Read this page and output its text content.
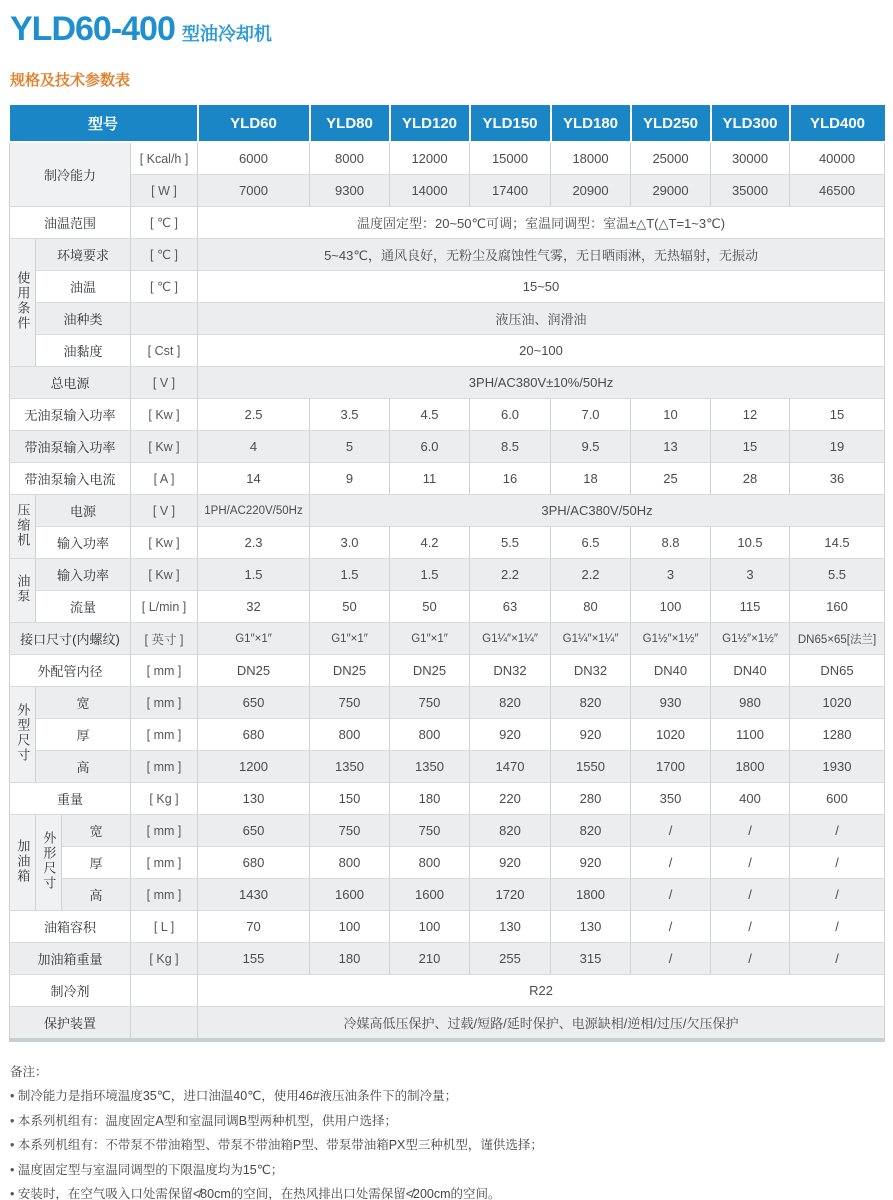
YLD60-400 型油冷却机
规格及技术参数表
型号				YLD60	YLD80	YLD120	YLD150	YLD180	YLD250	YLD300	YLD400
制冷能力			[ Kcal/h ]	6000	8000	12000	15000	18000	25000	30000	40000
			[ W ]	7000	9300	14000	17400	20900	29000	35000	46500
油温范围			[ ℃ ]	温度固定型：20~50℃可调；室温同调型：室温±△T(△T=1~3℃)							
使用条件	环境要求		[ ℃ ]	5~43℃，通风良好，无粉尘及腐蚀性气雾，无日晒雨淋，无热辐射，无振动							
	油温		[ ℃ ]	15~50							
	油种类			液压油、润滑油							
	油黏度		[ Cst ]	20~100							
总电源			[ V ]	3PH/AC380V±10%/50Hz							
无油泵输入功率			[ Kw ]	2.5	3.5	4.5	6.0	7.0	10	12	15
带油泵输入功率			[ Kw ]	4	5	6.0	8.5	9.5	13	15	19
带油泵输入电流			[ A ]	14	9	11	16	18	25	28	36
压缩机	电源		[ V ]	1PH/AC220V/50Hz	3PH/AC380V/50Hz						
	输入功率		[ Kw ]	2.3	3.0	4.2	5.5	6.5	8.8	10.5	14.5
油泵	输入功率		[ Kw ]	1.5	1.5	1.5	2.2	2.2	3	3	5.5
	流量		[ L/min ]	32	50	50	63	80	100	115	160
接口尺寸(内螺纹)			[ 英寸 ]	G1″×1″	G1″×1″	G1″×1″	G1¼″×1¼″	G1¼″×1¼″	G1½″×1½″	G1½″×1½″	DN65×65[法兰]
外配管内径			[ mm ]	DN25	DN25	DN25	DN32	DN32	DN40	DN40	DN65
外型尺寸	宽		[ mm ]	650	750	750	820	820	930	980	1020
	厚		[ mm ]	680	800	800	920	920	1020	1100	1280
	高		[ mm ]	1200	1350	1350	1470	1550	1700	1800	1930
重量			[ Kg ]	130	150	180	220	280	350	400	600
加油箱	外形尺寸	宽	[ mm ]	650	750	750	820	820	/	/	/
		厚	[ mm ]	680	800	800	920	920	/	/	/
		高	[ mm ]	1430	1600	1600	1720	1800	/	/	/
油箱容积			[ L ]	70	100	100	130	130	/	/	/
加油箱重量			[ Kg ]	155	180	210	255	315	/	/	/
制冷剂				R22							
保护装置				冷媒高低压保护、过载/短路/延时保护、电源缺相/逆相/过压/欠压保护							
备注：
• 制冷能力是指环境温度35℃，进口油温40℃，使用46#液压油条件下的制冷量；
• 本系列机组有：温度固定A型和室温同调B型两种机型，供用户选择；
• 本系列机组有：不带泵不带油箱型、带泵不带油箱P型、带泵带油箱PX型三种机型，谨供选择；
• 温度固定型与室温同调型的下限温度均为15℃；
• 安装时，在空气吸入口处需保留≮80cm的空间，在热风排出口处需保留≮200cm的空间。
